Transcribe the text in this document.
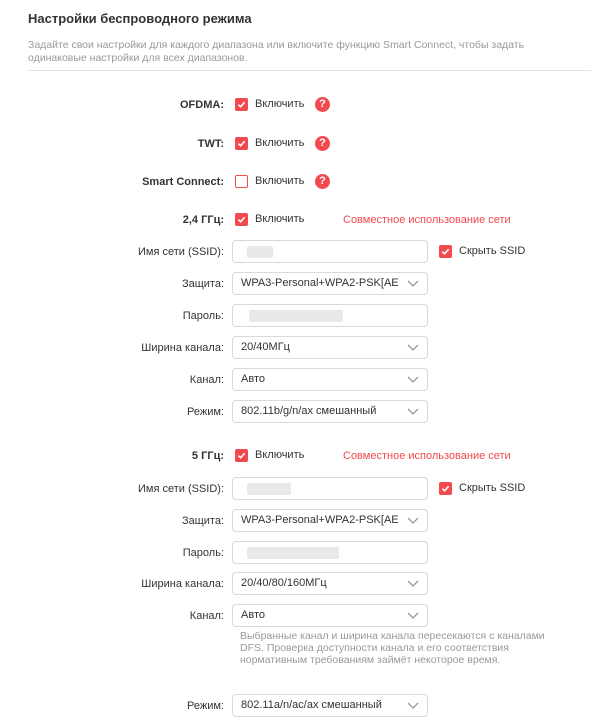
Настройки беспроводного режима
Задайте свои настройки для каждого диапазона или включите функцию Smart Connect, чтобы задать одинаковые настройки для всех диапазонов.
OFDMA:	Включить	?
TWT:	Включить	?
Smart Connect:	Включить	?
2,4 ГГц:	Включить	Совместное использование сети
Имя сети (SSID):	Скрыть SSID
Защита: WPA3-Personal+WPA2-PSK[AE
Пароль:
Ширина канала: 20/40МГц
Канал: Авто
Режим: 802.11b/g/n/ax смешанный
5 ГГц:	Включить	Совместное использование сети
Имя сети (SSID):	Скрыть SSID
Защита: WPA3-Personal+WPA2-PSK[AE
Пароль:
Ширина канала: 20/40/80/160МГц
Канал: Авто
Выбранные канал и ширина канала пересекаются с каналами DFS. Проверка доступности канала и его соответствия нормативным требованиям займёт некоторое время.
Режим: 802.11a/n/ac/ax смешанный
